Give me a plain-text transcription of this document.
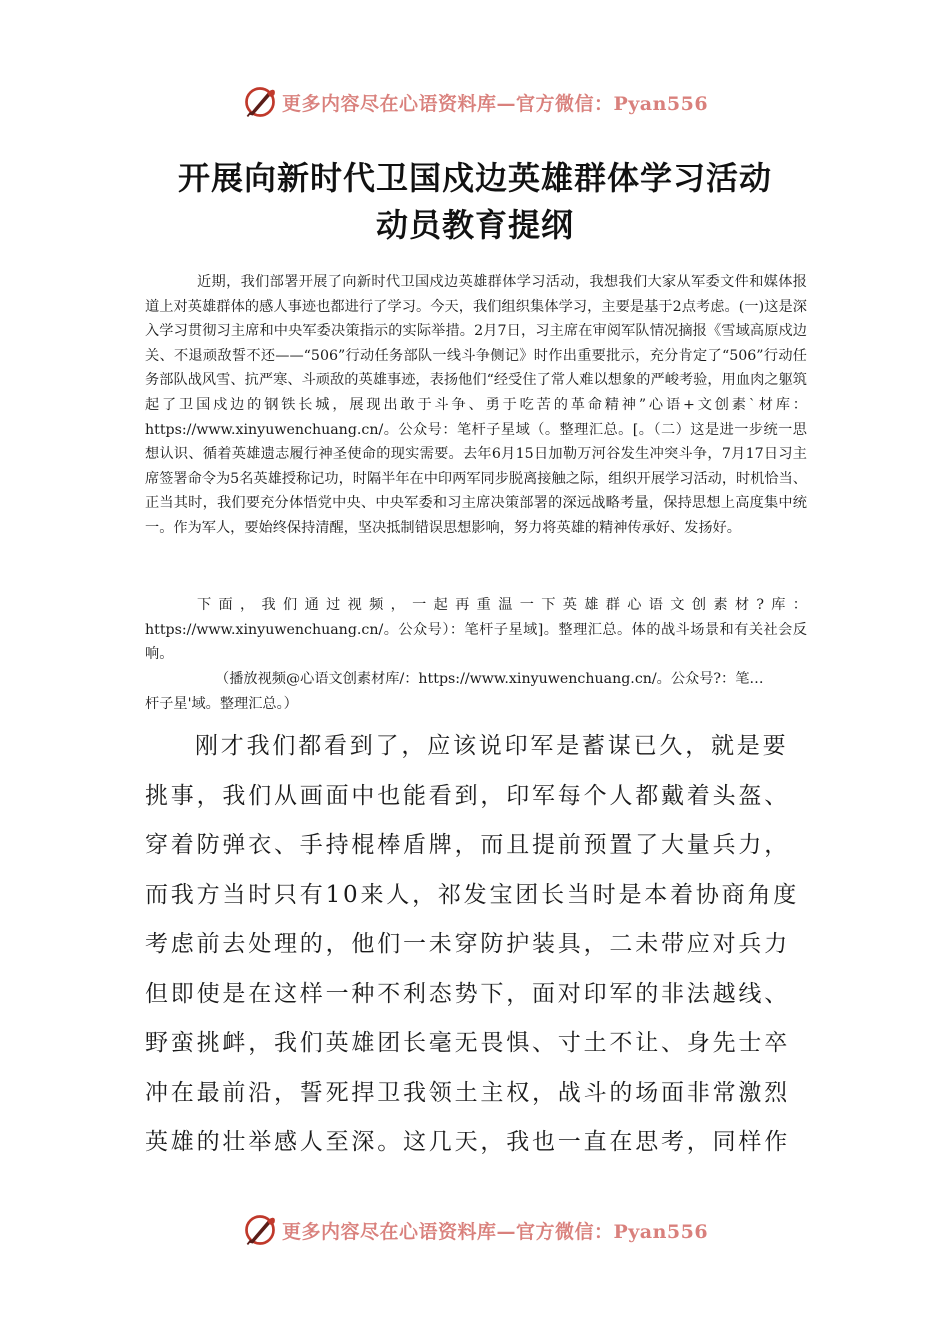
更多内容尽在心语资料库—官方微信：Pyan556
开展向新时代卫国戍边英雄群体学习活动
动员教育提纲

近期，我们部署开展了向新时代卫国戍边英雄群体学习活动，我想我们大家从军委文件和媒体报道上对英雄群体的感人事迹也都进行了学习。今天，我们组织集体学习，主要是基于2点考虑。(一)这是深入学习贯彻习主席和中央军委决策指示的实际举措。2月7日，习主席在审阅军队情况摘报《雪域高原戍边关、不退顽敌誓不还——“506”行动任务部队一线斗争侧记》时作出重要批示，充分肯定了“506”行动任务部队战风雪、抗严寒、斗顽敌的英雄事迹，表扬他们“经受住了常人难以想象的严峻考验，用血肉之躯筑起了卫国戍边的钢铁长城，展现出敢于斗争、勇于吃苦的革命精神”心语+文创素`材库：https://www.xinyuwenchuang.cn/。公众号：笔杆子星域（。整理汇总。[。（二）这是进一步统一思想认识、循着英雄遗志履行神圣使命的现实需要。去年6月15日加勒万河谷发生冲突斗争，7月17日习主席签署命令为5名英雄授称记功，时隔半年在中印两军同步脱离接触之际，组织开展学习活动，时机恰当、正当其时，我们要充分体悟党中央、中央军委和习主席决策部署的深远战略考量，保持思想上高度集中统一。作为军人，要始终保持清醒，坚决抵制错误思想影响，努力将英雄的精神传承好、发扬好。

下面，我们通过视频，一起再重温一下英雄群心语文创素材?库：https://www.xinyuwenchuang.cn/。公众号）：笔杆子星域]。整理汇总。体的战斗场景和有关社会反响。

（播放视频@心语文创素材库/：https://www.xinyuwenchuang.cn/。公众号?：笔…
杆子星'域。整理汇总。）
刚才我们都看到了，应该说印军是蓄谋已久，就是要
挑事，我们从画面中也能看到，印军每个人都戴着头盔、
穿着防弹衣、手持棍棒盾牌，而且提前预置了大量兵力，
而我方当时只有10来人，祁发宝团长当时是本着协商角度
考虑前去处理的，他们一未穿防护装具，二未带应对兵力
但即使是在这样一种不利态势下，面对印军的非法越线、
野蛮挑衅，我们英雄团长毫无畏惧、寸土不让、身先士卒
冲在最前沿，誓死捍卫我领土主权，战斗的场面非常激烈
英雄的壮举感人至深。这几天，我也一直在思考，同样作
更多内容尽在心语资料库—官方微信：Pyan556
